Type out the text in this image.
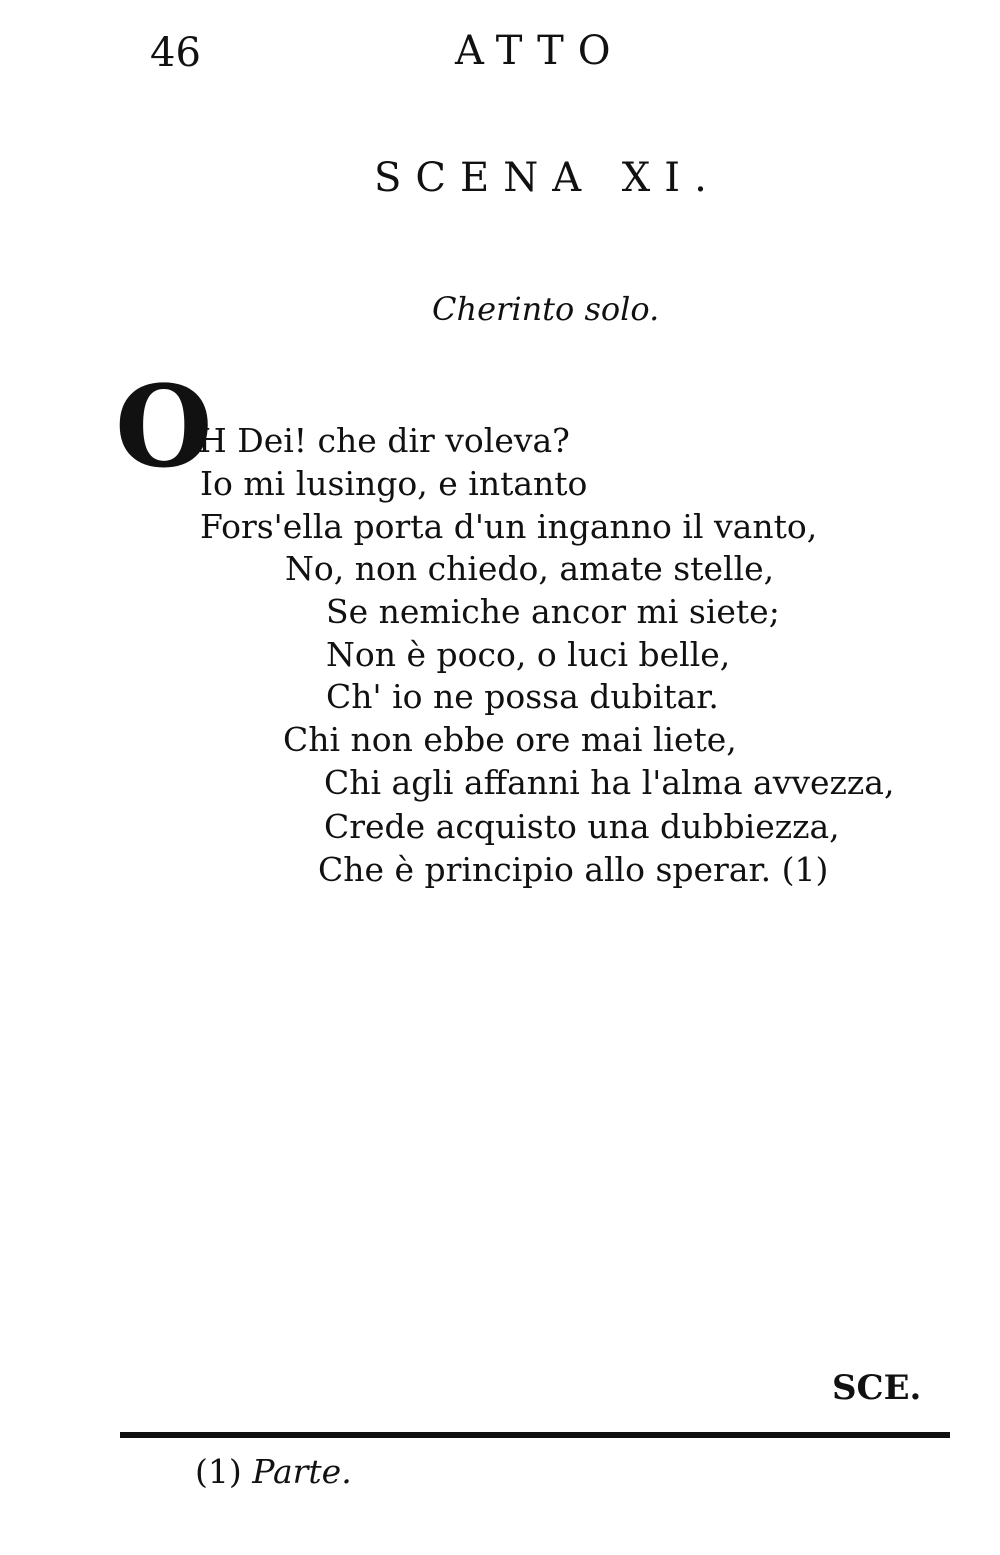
46	ATTO
SCENA XI.
Cherinto solo.
O
H Dei! che dir voleva?
Io mi lusingo, e intanto
Fors'ella porta d'un inganno il vanto,
No, non chiedo, amate stelle,
Se nemiche ancor mi siete;
Non è poco, o luci belle,
Ch' io ne possa dubitar.
Chi non ebbe ore mai liete,
Chi agli affanni ha l'alma avvezza,
Crede acquisto una dubbiezza,
Che è principio allo sperar. (1)
SCE.
(1) Parte.
